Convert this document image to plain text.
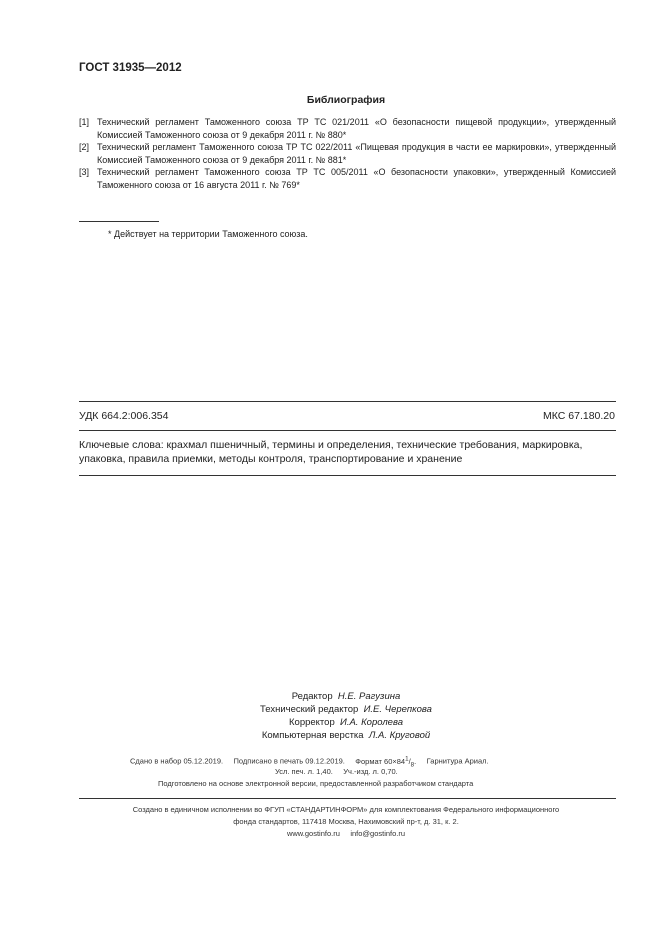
ГОСТ 31935—2012
Библиография
[1] Технический регламент Таможенного союза ТР ТС 021/2011 «О безопасности пищевой продукции», утвержденный Комиссией Таможенного союза от 9 декабря 2011 г. № 880*
[2] Технический регламент Таможенного союза ТР ТС 022/2011 «Пищевая продукция в части ее маркировки», утвержденный Комиссией Таможенного союза от 9 декабря 2011 г. № 881*
[3] Технический регламент Таможенного союза ТР ТС 005/2011 «О безопасности упаковки», утвержденный Комиссией Таможенного союза от 16 августа 2011 г. № 769*
* Действует на территории Таможенного союза.
УДК 664.2:006.354	МКС 67.180.20
Ключевые слова: крахмал пшеничный, термины и определения, технические требования, маркировка, упаковка, правила приемки, методы контроля, транспортирование и хранение
Редактор Н.Е. Рагузина
Технический редактор И.Е. Черепкова
Корректор И.А. Королева
Компьютерная верстка Л.А. Круговой
Сдано в набор 05.12.2019. Подписано в печать 09.12.2019. Формат $60\times 84^1/_8$. Гарнитура Ариал.
Усл. печ. л. 1,40. Уч.-изд. л. 0,70.
Подготовлено на основе электронной версии, предоставленной разработчиком стандарта
Создано в единичном исполнении во ФГУП «СТАНДАРТИНФОРМ» для комплектования Федерального информационного
фонда стандартов, 117418 Москва, Нахимовский пр-т, д. 31, к. 2.
www.gostinfo.ru info@gostinfo.ru
